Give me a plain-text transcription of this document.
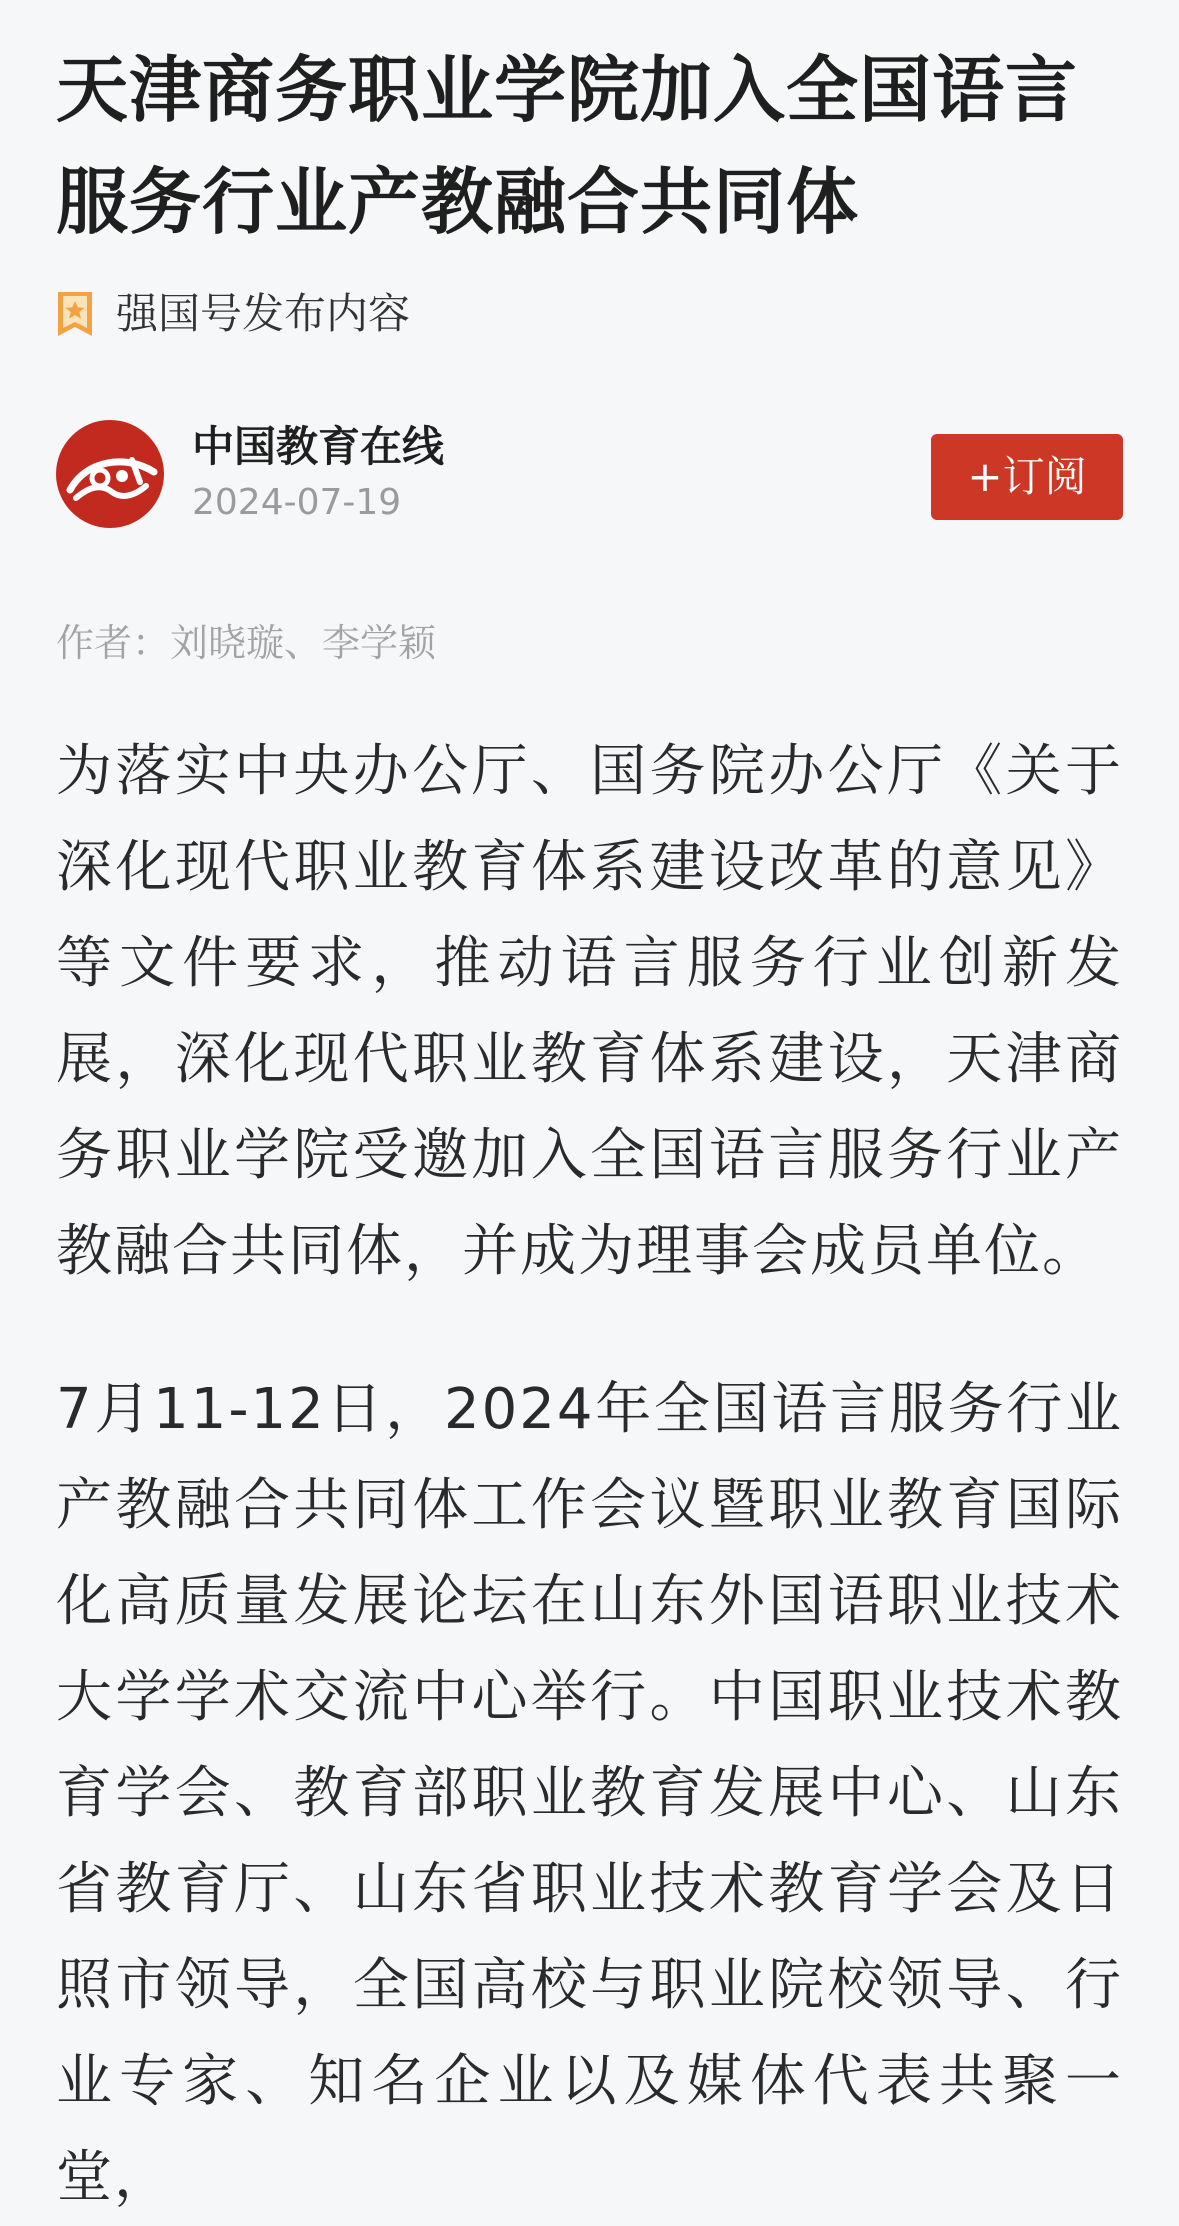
天津商务职业学院加入全国语言服务行业产教融合共同体
强国号发布内容
中国教育在线
2024-07-19
+订阅
作者：刘晓璇、李学颖

为落实中央办公厅、国务院办公厅《关于深化现代职业教育体系建设改革的意见》等文件要求，推动语言服务行业创新发展，深化现代职业教育体系建设，天津商务职业学院受邀加入全国语言服务行业产教融合共同体，并成为理事会成员单位。

7月11-12日，2024年全国语言服务行业产教融合共同体工作会议暨职业教育国际化高质量发展论坛在山东外国语职业技术大学学术交流中心举行。中国职业技术教育学会、教育部职业教育发展中心、山东省教育厅、山东省职业技术教育学会及日照市领导，全国高校与职业院校领导、行业专家、知名企业以及媒体代表共聚一堂，
